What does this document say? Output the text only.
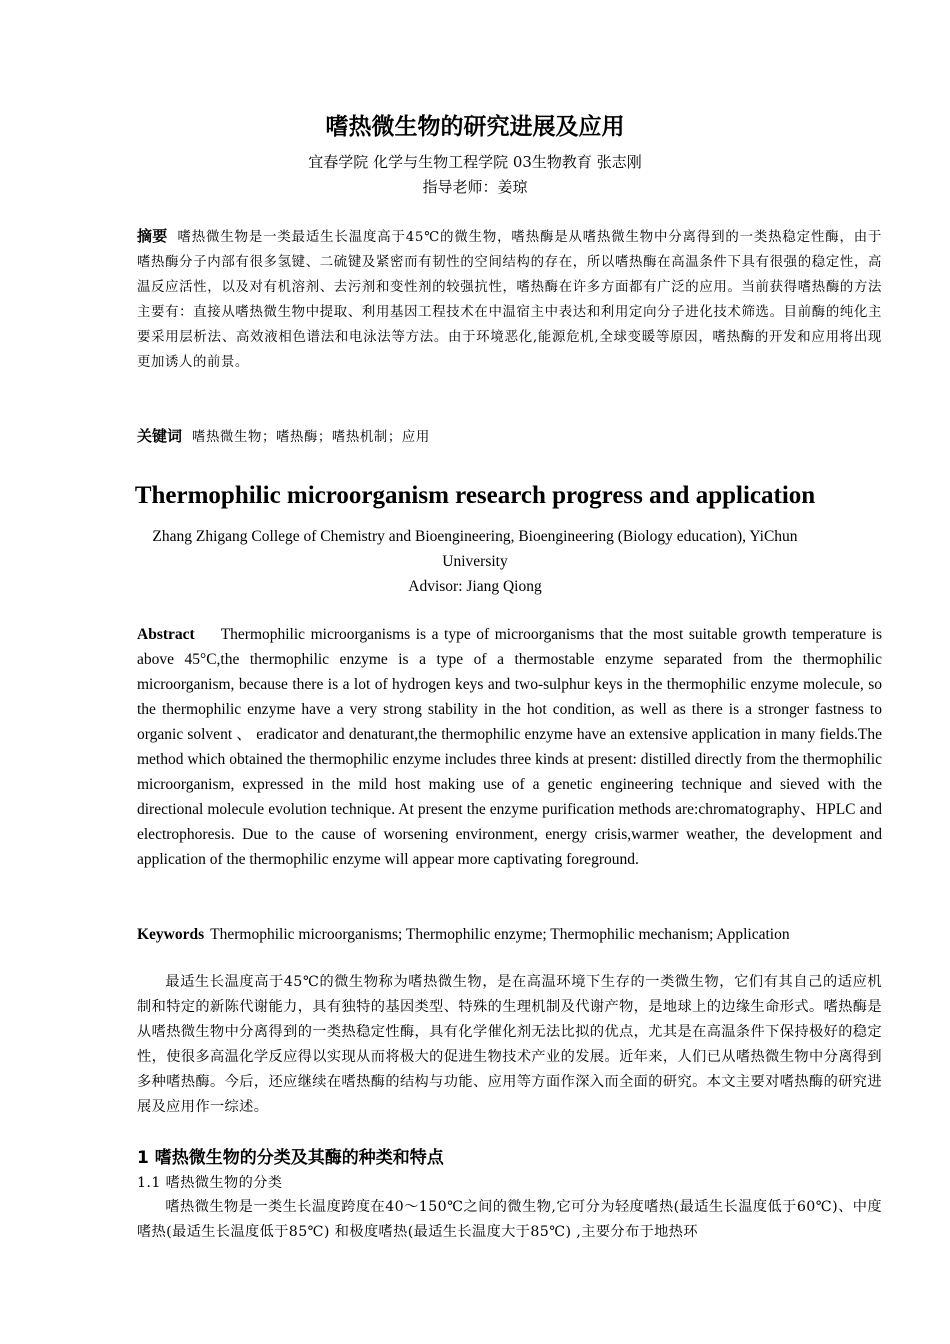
嗜热微生物的研究进展及应用
宜春学院 化学与生物工程学院 03生物教育 张志刚
指导老师：姜琼
摘要 嗜热微生物是一类最适生长温度高于45℃的微生物，嗜热酶是从嗜热微生物中分离得到的一类热稳定性酶，由于嗜热酶分子内部有很多氢键、二硫键及紧密而有韧性的空间结构的存在，所以嗜热酶在高温条件下具有很强的稳定性，高温反应活性，以及对有机溶剂、去污剂和变性剂的较强抗性，嗜热酶在许多方面都有广泛的应用。当前获得嗜热酶的方法主要有：直接从嗜热微生物中提取、利用基因工程技术在中温宿主中表达和利用定向分子进化技术筛选。目前酶的纯化主要采用层析法、高效液相色谱法和电泳法等方法。由于环境恶化,能源危机,全球变暖等原因，嗜热酶的开发和应用将出现更加诱人的前景。
关键词 嗜热微生物；嗜热酶；嗜热机制；应用
Thermophilic microorganism research progress and application
Zhang Zhigang College of Chemistry and Bioengineering, Bioengineering (Biology education), YiChun University
Advisor: Jiang Qiong
Abstract Thermophilic microorganisms is a type of microorganisms that the most suitable growth temperature is above 45°C,the thermophilic enzyme is a type of a thermostable enzyme separated from the thermophilic microorganism, because there is a lot of hydrogen keys and two-sulphur keys in the thermophilic enzyme molecule, so the thermophilic enzyme have a very strong stability in the hot condition, as well as there is a stronger fastness to organic solvent 、 eradicator and denaturant,the thermophilic enzyme have an extensive application in many fields.The method which obtained the thermophilic enzyme includes three kinds at present: distilled directly from the thermophilic microorganism, expressed in the mild host making use of a genetic engineering technique and sieved with the directional molecule evolution technique. At present the enzyme purification methods are:chromatography、HPLC and electrophoresis. Due to the cause of worsening environment, energy crisis,warmer weather, the development and application of the thermophilic enzyme will appear more captivating foreground.
Keywords Thermophilic microorganisms; Thermophilic enzyme; Thermophilic mechanism; Application

最适生长温度高于45℃的微生物称为嗜热微生物，是在高温环境下生存的一类微生物，它们有其自己的适应机制和特定的新陈代谢能力，具有独特的基因类型、特殊的生理机制及代谢产物，是地球上的边缘生命形式。嗜热酶是从嗜热微生物中分离得到的一类热稳定性酶，具有化学催化剂无法比拟的优点，尤其是在高温条件下保持极好的稳定性，使很多高温化学反应得以实现从而将极大的促进生物技术产业的发展。近年来，人们已从嗜热微生物中分离得到多种嗜热酶。今后，还应继续在嗜热酶的结构与功能、应用等方面作深入而全面的研究。本文主要对嗜热酶的研究进展及应用作一综述。

1 嗜热微生物的分类及其酶的种类和特点
1.1 嗜热微生物的分类

嗜热微生物是一类生长温度跨度在40～150℃之间的微生物,它可分为轻度嗜热(最适生长温度低于60℃)、中度嗜热(最适生长温度低于85℃) 和极度嗜热(最适生长温度大于85℃) ,主要分布于地热环
